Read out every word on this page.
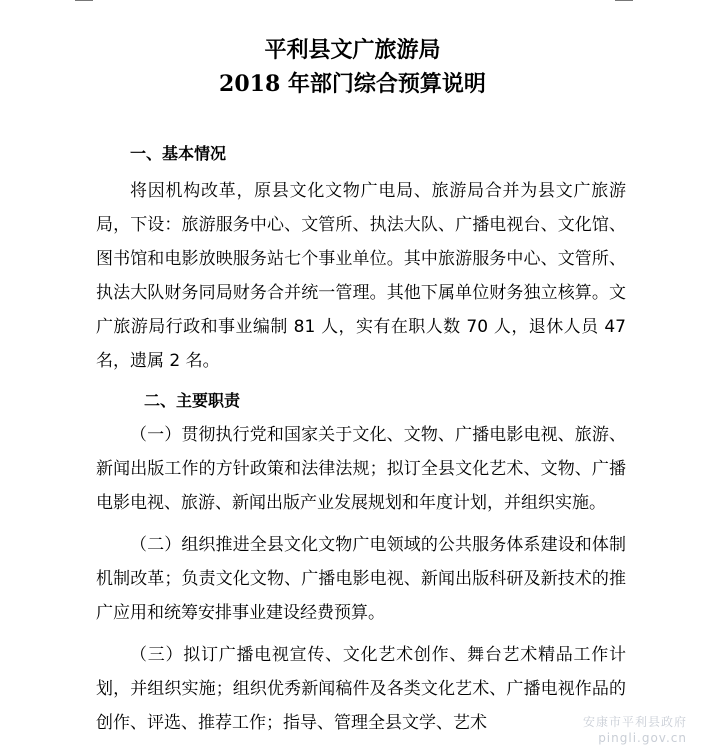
平利县文广旅游局
2018 年部门综合预算说明

一、基本情况

将因机构改革，原县文化文物广电局、旅游局合并为县文广旅游局，下设：旅游服务中心、文管所、执法大队、广播电视台、文化馆、图书馆和电影放映服务站七个事业单位。其中旅游服务中心、文管所、执法大队财务同局财务合并统一管理。其他下属单位财务独立核算。文广旅游局行政和事业编制 81 人，实有在职人数 70 人，退休人员 47 名，遗属 2 名。

二、主要职责

（一）贯彻执行党和国家关于文化、文物、广播电影电视、旅游、新闻出版工作的方针政策和法律法规；拟订全县文化艺术、文物、广播电影电视、旅游、新闻出版产业发展规划和年度计划，并组织实施。

（二）组织推进全县文化文物广电领域的公共服务体系建设和体制机制改革；负责文化文物、广播电影电视、新闻出版科研及新技术的推广应用和统筹安排事业建设经费预算。

（三）拟订广播电视宣传、文化艺术创作、舞台艺术精品工作计划，并组织实施；组织优秀新闻稿件及各类文化艺术、广播电视作品的创作、评选、推荐工作；指导、管理全县文学、艺术	安康市平利县政府
pingli.gov.cn
